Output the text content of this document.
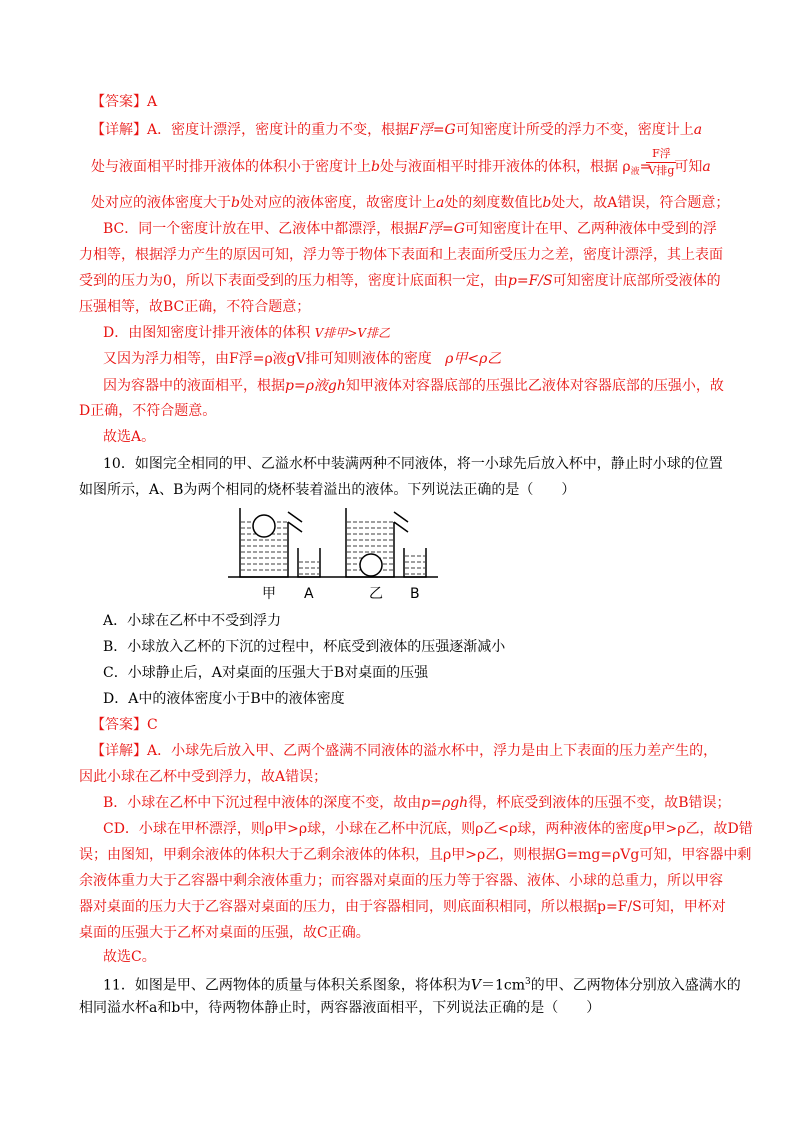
【答案】A
【详解】A．密度计漂浮，密度计的重力不变，根据F浮=G可知密度计所受的浮力不变，密度计上a
处与液面相平时排开液体的体积小于密度计上b处与液面相平时排开液体的体积，根据 $\rho_液=$
F浮
V排g 可知a
处对应的液体密度大于b处对应的液体密度，故密度计上a处的刻度数值比b处大，故A错误，符合题意；
BC．同一个密度计放在甲、乙液体中都漂浮，根据F浮=G可知密度计在甲、乙两种液体中受到的浮
力相等，根据浮力产生的原因可知，浮力等于物体下表面和上表面所受压力之差，密度计漂浮，其上表面
受到的压力为0，所以下表面受到的压力相等，密度计底面积一定，由p=F/S可知密度计底部所受液体的
压强相等，故BC正确，不符合题意；
D．由图知密度计排开液体的体积 V排甲>V排乙
又因为浮力相等，由F浮=ρ液gV排可知则液体的密度 ρ甲<ρ乙
因为容器中的液面相平，根据p=ρ液gh知甲液体对容器底部的压强比乙液体对容器底部的压强小，故
D正确，不符合题意。
故选A。
10．如图完全相同的甲、乙溢水杯中装满两种不同液体，将一小球先后放入杯中，静止时小球的位置
如图所示，A、B为两个相同的烧杯装着溢出的液体。下列说法正确的是（　　）
甲 A	乙 B
A．小球在乙杯中不受到浮力
B．小球放入乙杯的下沉的过程中，杯底受到液体的压强逐渐减小
C．小球静止后，A对桌面的压强大于B对桌面的压强
D．A中的液体密度小于B中的液体密度
【答案】C
【详解】A．小球先后放入甲、乙两个盛满不同液体的溢水杯中，浮力是由上下表面的压力差产生的，
因此小球在乙杯中受到浮力，故A错误；
B．小球在乙杯中下沉过程中液体的深度不变，故由p=ρgh得，杯底受到液体的压强不变，故B错误；
CD．小球在甲杯漂浮，则ρ甲>ρ球，小球在乙杯中沉底，则ρ乙<ρ球，两种液体的密度ρ甲>ρ乙，故D错
误；由图知，甲剩余液体的体积大于乙剩余液体的体积，且ρ甲>ρ乙，则根据G=mg=ρVg可知，甲容器中剩
余液体重力大于乙容器中剩余液体重力；而容器对桌面的压力等于容器、液体、小球的总重力，所以甲容
器对桌面的压力大于乙容器对桌面的压力，由于容器相同，则底面积相同，所以根据p=F/S可知，甲杯对
桌面的压强大于乙杯对桌面的压强，故C正确。
故选C。
11．如图是甲、乙两物体的质量与体积关系图象，将体积为$V=1cm^3$的甲、乙两物体分别放入盛满水的
相同溢水杯a和b中，待两物体静止时，两容器液面相平，下列说法正确的是（　　）
